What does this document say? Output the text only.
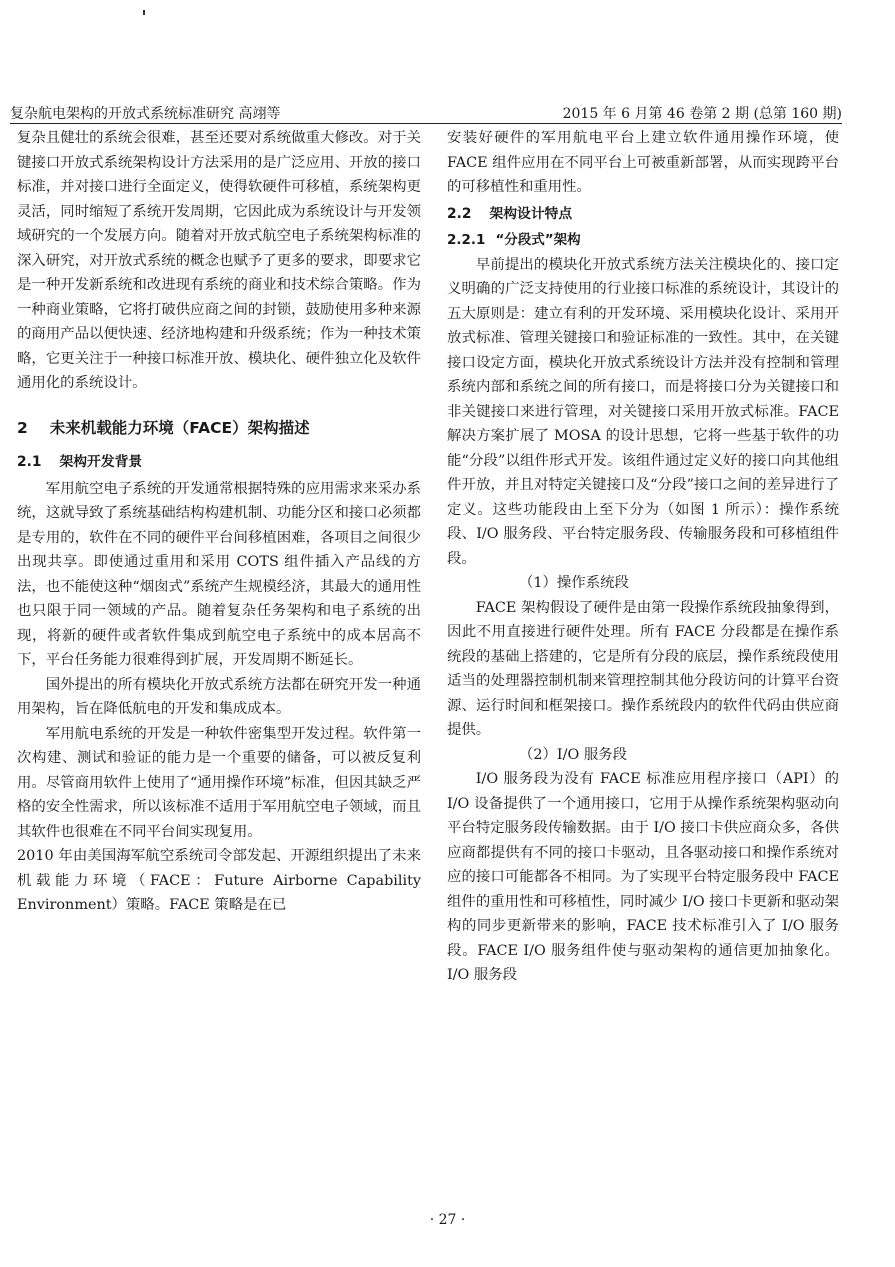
复杂航电架构的开放式系统标准研究 高翊等	2015 年 6 月第 46 卷第 2 期 (总第 160 期)

复杂且健壮的系统会很难，甚至还要对系统做重大修改。对于关键接口开放式系统架构设计方法采用的是广泛应用、开放的接口标准，并对接口进行全面定义，使得软硬件可移植，系统架构更灵活，同时缩短了系统开发周期，它因此成为系统设计与开发领域研究的一个发展方向。随着对开放式航空电子系统架构标准的深入研究，对开放式系统的概念也赋予了更多的要求，即要求它是一种开发新系统和改进现有系统的商业和技术综合策略。作为一种商业策略，它将打破供应商之间的封锁，鼓励使用多种来源的商用产品以便快速、经济地构建和升级系统；作为一种技术策略，它更关注于一种接口标准开放、模块化、硬件独立化及软件通用化的系统设计。

2 未来机载能力环境（FACE）架构描述
2.1 架构开发背景

军用航空电子系统的开发通常根据特殊的应用需求来采办系统，这就导致了系统基础结构构建机制、功能分区和接口必须都是专用的，软件在不同的硬件平台间移植困难，各项目之间很少出现共享。即使通过重用和采用 COTS 组件插入产品线的方法，也不能使这种“烟囱式”系统产生规模经济，其最大的通用性也只限于同一领域的产品。随着复杂任务架构和电子系统的出现，将新的硬件或者软件集成到航空电子系统中的成本居高不下，平台任务能力很难得到扩展，开发周期不断延长。

国外提出的所有模块化开放式系统方法都在研究开发一种通用架构，旨在降低航电的开发和集成成本。

军用航电系统的开发是一种软件密集型开发过程。软件第一次构建、测试和验证的能力是一个重要的储备，可以被反复利用。尽管商用软件上使用了“通用操作环境”标准，但因其缺乏严格的安全性需求，所以该标准不适用于军用航空电子领域，而且其软件也很难在不同平台间实现复用。

2010 年由美国海军航空系统司令部发起、开源组织提出了未来机载能力环境（FACE：Future Airborne Capability Environment）策略。FACE 策略是在已

安装好硬件的军用航电平台上建立软件通用操作环境，使 FACE 组件应用在不同平台上可被重新部署，从而实现跨平台的可移植性和重用性。

2.2 架构设计特点
2.2.1 “分段式”架构

早前提出的模块化开放式系统方法关注模块化的、接口定义明确的广泛支持使用的行业接口标准的系统设计，其设计的五大原则是：建立有利的开发环境、采用模块化设计、采用开放式标准、管理关键接口和验证标准的一致性。其中，在关键接口设定方面，模块化开放式系统设计方法并没有控制和管理系统内部和系统之间的所有接口，而是将接口分为关键接口和非关键接口来进行管理，对关键接口采用开放式标准。FACE 解决方案扩展了 MOSA 的设计思想，它将一些基于软件的功能“分段”以组件形式开发。该组件通过定义好的接口向其他组件开放，并且对特定关键接口及“分段”接口之间的差异进行了定义。这些功能段由上至下分为（如图 1 所示）：操作系统段、I/O 服务段、平台特定服务段、传输服务段和可移植组件段。

（1）操作系统段

FACE 架构假设了硬件是由第一段操作系统段抽象得到，因此不用直接进行硬件处理。所有 FACE 分段都是在操作系统段的基础上搭建的，它是所有分段的底层，操作系统段使用适当的处理器控制机制来管理控制其他分段访问的计算平台资源、运行时间和框架接口。操作系统段内的软件代码由供应商提供。

（2）I/O 服务段

I/O 服务段为没有 FACE 标准应用程序接口（API）的 I/O 设备提供了一个通用接口，它用于从操作系统架构驱动向平台特定服务段传输数据。由于 I/O 接口卡供应商众多，各供应商都提供有不同的接口卡驱动，且各驱动接口和操作系统对应的接口可能都各不相同。为了实现平台特定服务段中 FACE 组件的重用性和可移植性，同时减少 I/O 接口卡更新和驱动架构的同步更新带来的影响，FACE 技术标准引入了 I/O 服务段。FACE I/O 服务组件使与驱动架构的通信更加抽象化。I/O 服务段

· 27 ·
